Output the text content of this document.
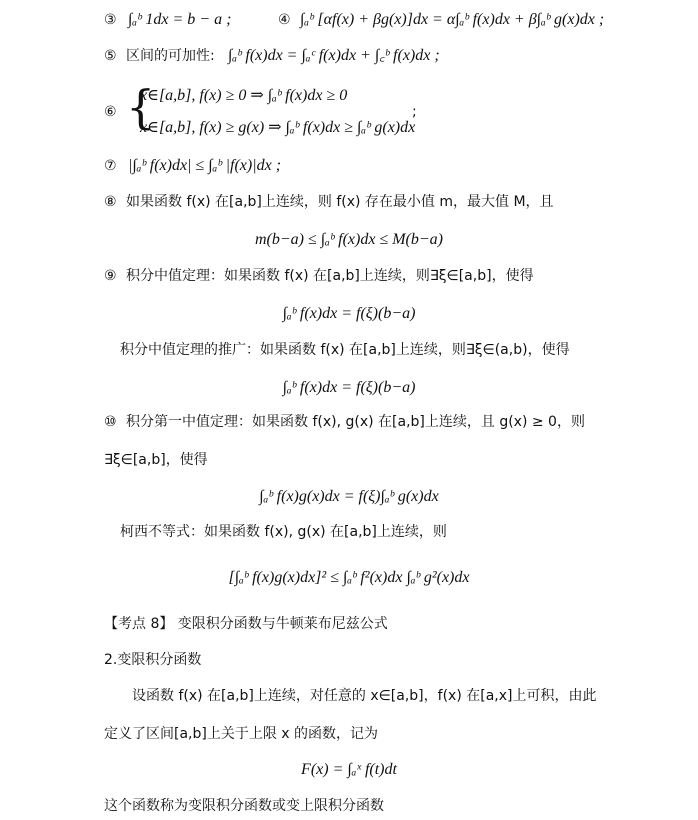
③ ∫ₐᵇ 1dx = b − a ;	④ ∫ₐᵇ [αf(x) + βg(x)]dx = α∫ₐᵇ f(x)dx + β∫ₐᵇ g(x)dx ;
⑤ 区间的可加性: ∫ₐᵇ f(x)dx = ∫ₐᶜ f(x)dx + ∫꜀ᵇ f(x)dx ;
⑥ {
x∈[a,b], f(x) ≥ 0 ⇒ ∫ₐᵇ f(x)dx ≥ 0
x∈[a,b], f(x) ≥ g(x) ⇒ ∫ₐᵇ f(x)dx ≥ ∫ₐᵇ g(x)dx
;
⑦ |∫ₐᵇ f(x)dx| ≤ ∫ₐᵇ |f(x)|dx ;
⑧ 如果函数 f(x) 在[a,b]上连续，则 f(x) 存在最小值 m，最大值 M，且
m(b−a) ≤ ∫ₐᵇ f(x)dx ≤ M(b−a)
⑨ 积分中值定理：如果函数 f(x) 在[a,b]上连续，则∃ξ∈[a,b]，使得
∫ₐᵇ f(x)dx = f(ξ)(b−a)
积分中值定理的推广：如果函数 f(x) 在[a,b]上连续，则∃ξ∈(a,b)，使得
∫ₐᵇ f(x)dx = f(ξ)(b−a)
⑩ 积分第一中值定理：如果函数 f(x), g(x) 在[a,b]上连续，且 g(x) ≥ 0，则
∃ξ∈[a,b]，使得
∫ₐᵇ f(x)g(x)dx = f(ξ)∫ₐᵇ g(x)dx
柯西不等式：如果函数 f(x), g(x) 在[a,b]上连续，则
[∫ₐᵇ f(x)g(x)dx]² ≤ ∫ₐᵇ f²(x)dx ∫ₐᵇ g²(x)dx
【考点 8】 变限积分函数与牛顿莱布尼兹公式
2.变限积分函数
设函数 f(x) 在[a,b]上连续，对任意的 x∈[a,b]，f(x) 在[a,x]上可积，由此
定义了区间[a,b]上关于上限 x 的函数，记为
F(x) = ∫ₐˣ f(t)dt
这个函数称为变限积分函数或变上限积分函数
